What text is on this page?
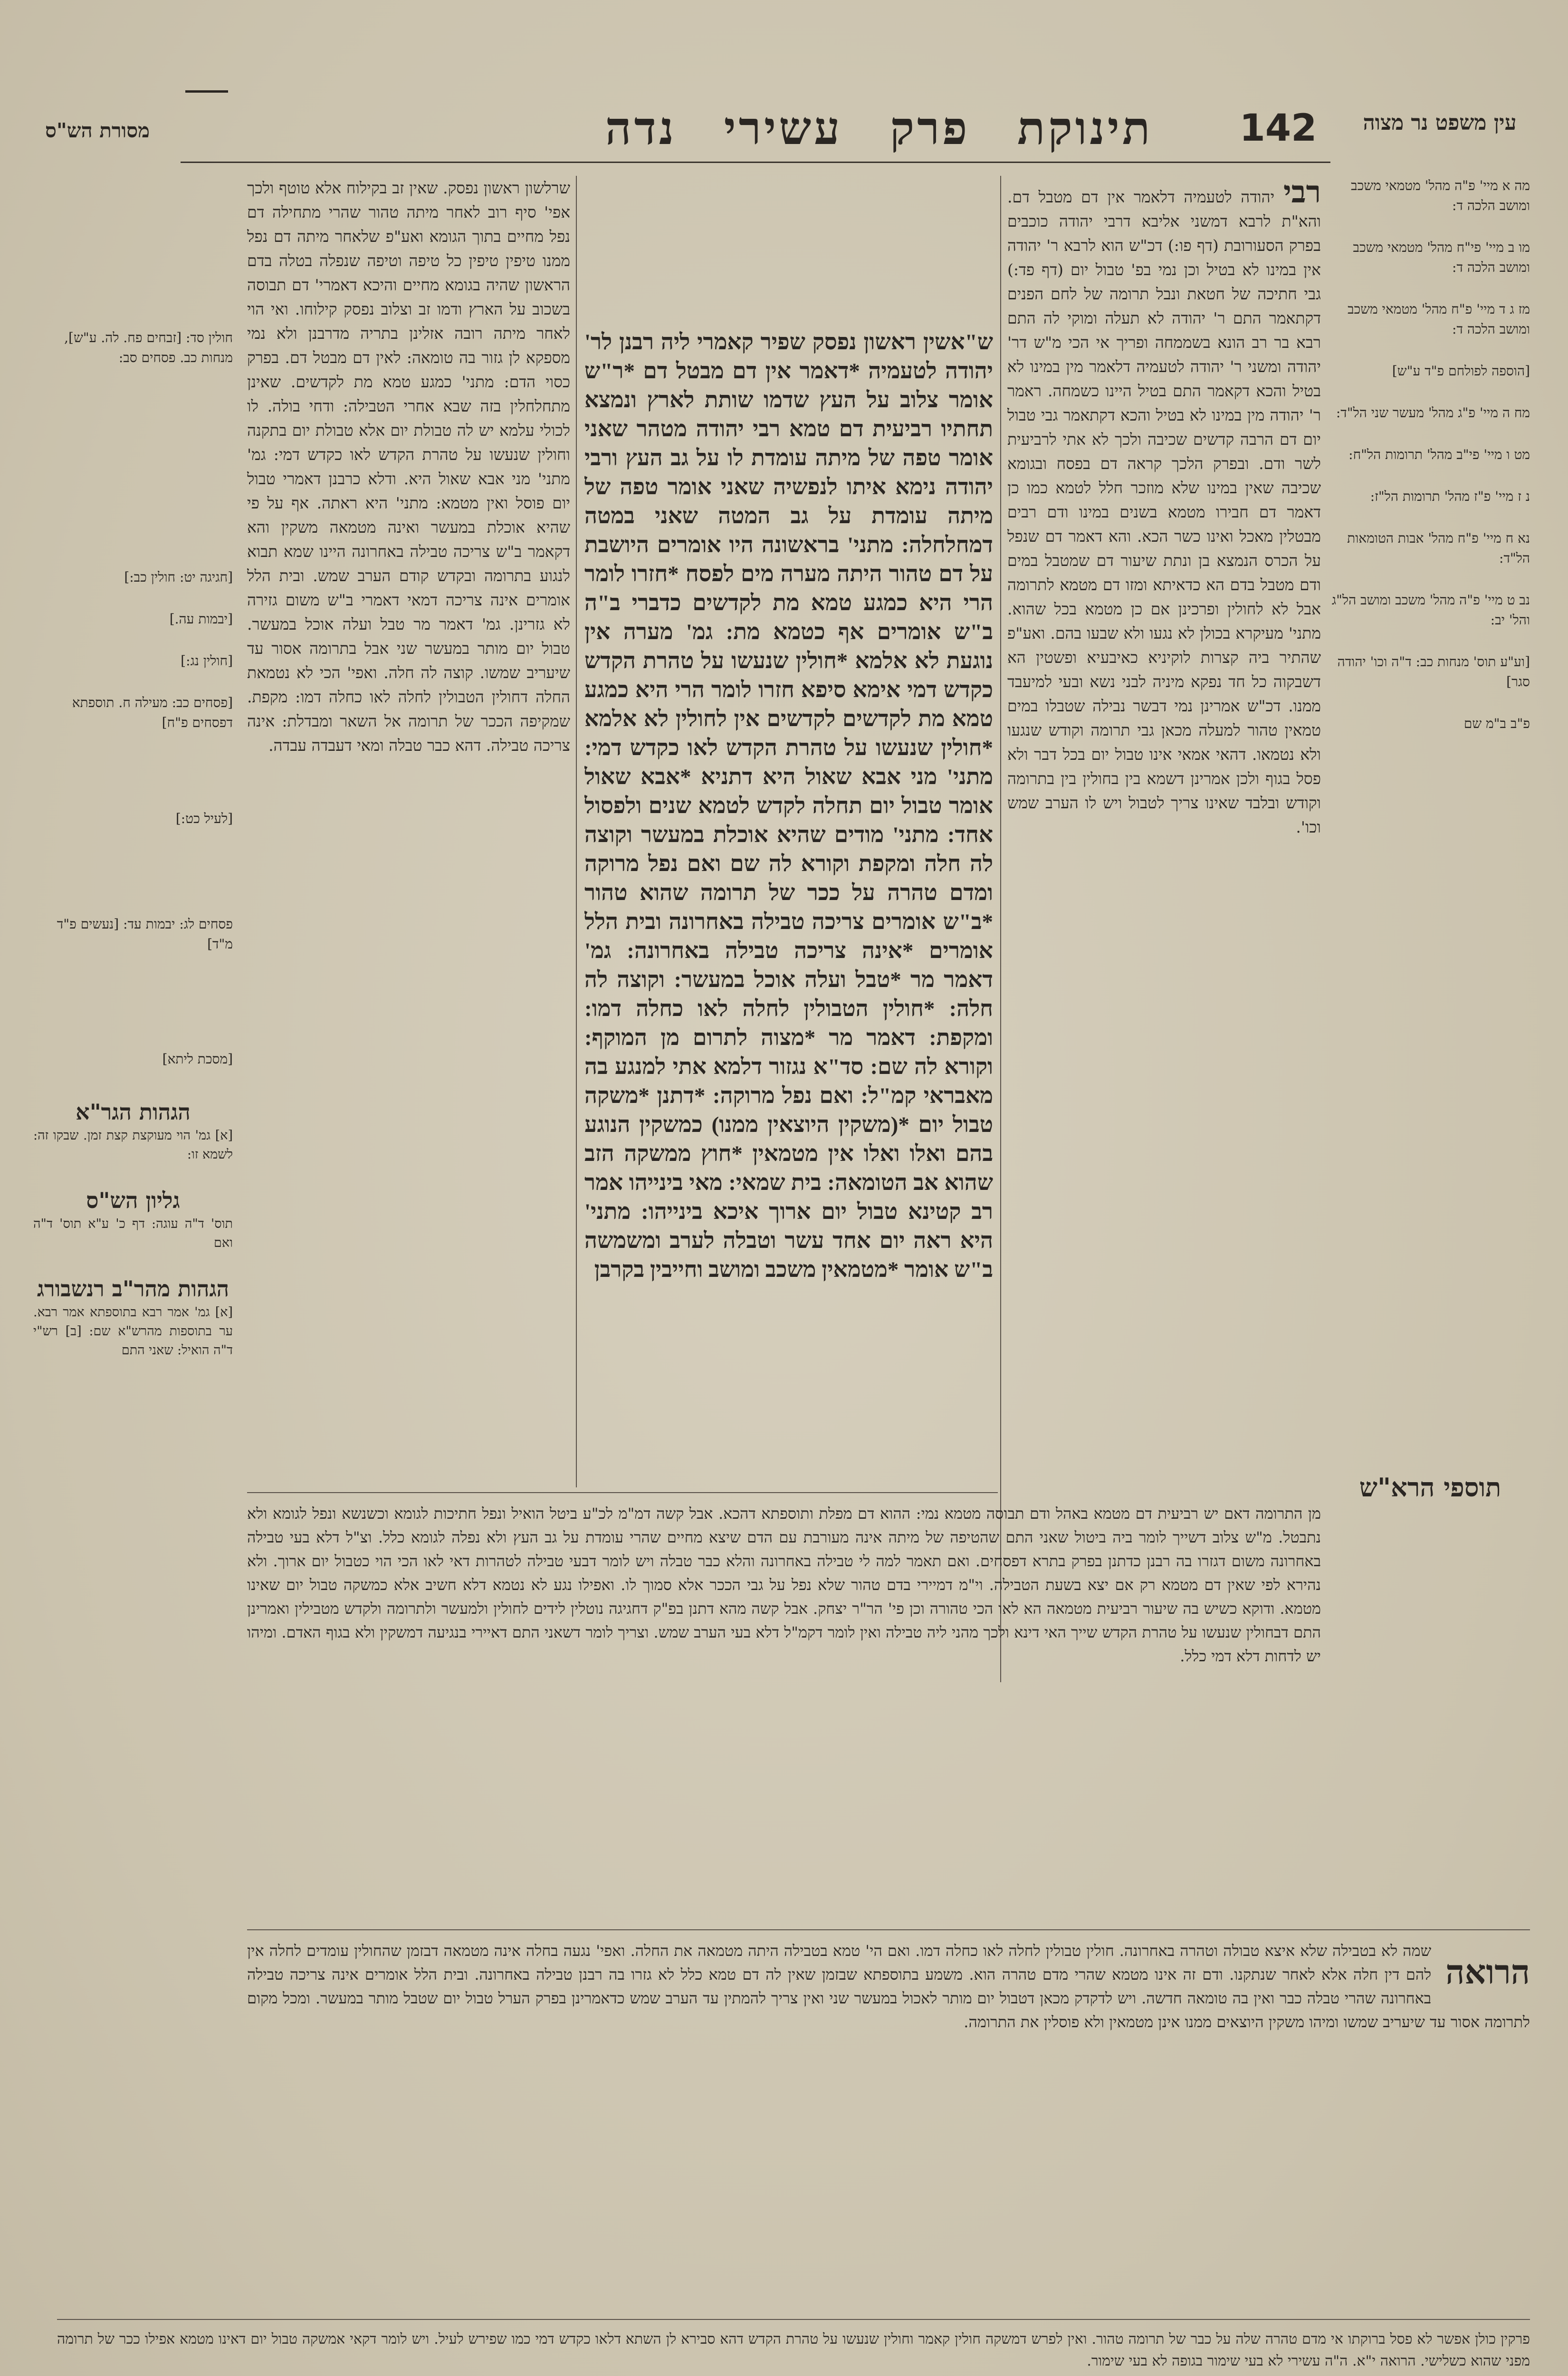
עין משפט נר מצוה
142
תינוקת פרק עשירי נדה
מסורת הש"ס
מה א מיי' פ"ה מהל' מטמאי משכב ומושב הלכה ד:
מו ב מיי' פי"ח מהל' מטמאי משכב ומושב הלכה ד:
מז ג ד מיי' פ"ח מהל' מטמאי משכב ומושב הלכה ד:
[הוספה לפולחם פ"ד ע"ש]
מח ה מיי' פ"ג מהל' מעשר שני הל"ד:
מט ו מיי' פי"ב מהל' תרומות הל"ח:
נ ז מיי' פ"ז מהל' תרומות הל"ז:
נא ח מיי' פ"ח מהל' אבות הטומאות הל"ד:
נב ט מיי' פ"ה מהל' משכב ומושב הל"ג והל' יב:
[וע"ע תוס' מנחות כב: ד"ה וכו' יהודה סגר]
פ"ב ב"מ שם
רבי יהודה לטעמיה דלאמר אין דם מטבל דם. והא"ת לרבא דמשני אליבא דרבי יהודה כוכבים בפרק הסעורובת (דף פו:) דכ"ש הוא לרבא ר' יהודה אין במינו לא בטיל וכן נמי בפ' טבול יום (דף פד:) גבי חתיכה של חטאת ונבל תרומה של לחם הפנים דקתאמר התם ר' יהודה לא תעלה ומוקי לה התם רבא בר רב הונא בשממחה ופריך אי הכי מ"ש דר' יהודה ומשני ר' יהודה לטעמיה דלאמר מין במינו לא בטיל והכא דקאמר התם בטיל היינו כשמחה. ראמר ר' יהודה מין במינו לא בטיל והכא דקתאמר גבי טבול יום דם הרבה קדשים שכיבה ולכך לא אתי לרביעית לשר ודם. ובפרק הלכך קראה דם בפסח ובגומא שכיבה שאין במינו שלא מוזכר חלל לטמא כמו כן דאמר דם חבירו מטמא בשנים במינו ודם רבים מבטלין מאכל ואינו כשר הכא. והא דאמר דם שנפל על הכרס הנמצא בן ונתת שיעור דם שמטבל במים ודם מטבל בדם הא כדאיתא ומזו דם מטמא לתרומה אבל לא לחולין ופרכינן אם כן מטמא בכל שהוא. מתני' מעיקרא בכולן לא נגעו ולא שבעו בהם. ואע"פ שהתיר ביה קצרות לוקיניא כאיבעיא ופשטין הא דשבקוה כל חד נפקא מיניה לבני נשא ובעי למיעבד ממנו. דכ"ש אמרינן נמי דבשר נבילה שטבלו במים טמאין טהור למעלה מכאן גבי תרומה וקודש שנגעו ולא נטמאו. דהאי אמאי אינו טבול יום בכל דבר ולא פסל בגוף ולכן אמרינן דשמא בין בחולין בין בתרומה וקודש ובלבד שאינו צריך לטבול ויש לו הערב שמש וכו'.
ש"אשין ראשון נפסק שפיר קאמרי ליה רבנן לר' יהודה לטעמיה *דאמר אין דם מבטל דם *ר"ש אומר צלוב על העץ שדמו שותת לארץ ונמצא תחתיו רביעית דם טמא רבי יהודה מטהר שאני אומר טפה של מיתה עומדת לו על גב העץ ורבי יהודה נימא איתו לנפשיה שאני אומר טפה של מיתה עומדת על גב המטה שאני במטה דמחלחלה: מתני' בראשונה היו אומרים היושבת על דם טהור היתה מערה מים לפסח *חזרו לומר הרי היא כמגע טמא מת לקדשים כדברי ב"ה ב"ש אומרים אף כטמא מת: גמ' מערה אין נוגעת לא אלמא *חולין שנעשו על טהרת הקדש כקדש דמי אימא סיפא חזרו לומר הרי היא כמגע טמא מת לקדשים לקדשים אין לחולין לא אלמא *חולין שנעשו על טהרת הקדש לאו כקדש דמי: מתני' מני אבא שאול היא דתניא *אבא שאול אומר טבול יום תחלה לקדש לטמא שנים ולפסול אחד: מתני' מודים שהיא אוכלת במעשר וקוצה לה חלה ומקפת וקורא לה שם ואם נפל מרוקה ומדם טהרה על ככר של תרומה שהוא טהור *ב"ש אומרים צריכה טבילה באחרונה ובית הלל אומרים *אינה צריכה טבילה באחרונה: גמ' דאמר מר *טבל ועלה אוכל במעשר: וקוצה לה חלה: *חולין הטבולין לחלה לאו כחלה דמו: ומקפת: דאמר מר *מצוה לתרום מן המוקף: וקורא לה שם: סד"א נגזור דלמא אתי למנגע בה מאבראי קמ"ל: ואם נפל מרוקה: *דתנן *משקה טבול יום *(משקין היוצאין ממנו) כמשקין הנוגע בהם ואלו ואלו אין מטמאין *חוץ ממשקה הזב שהוא אב הטומאה: בית שמאי: מאי בינייהו אמר רב קטינא טבול יום ארוך איכא בינייהו: מתני' היא ראה יום אחד עשר וטבלה לערב ומשמשה ב"ש אומר *מטמאין משכב ומושב וחייבין בקרבן
שרלשון ראשון נפסק. שאין זב בקילוח אלא טוטף ולכך אפי' סיף רוב לאחר מיתה טהור שהרי מתחילה דם נפל מחיים בתוך הגומא ואע"פ שלאחר מיתה דם נפל ממנו טיפין טיפין כל טיפה וטיפה שנפלה בטלה בדם הראשון שהיה בגומא מחיים והיכא דאמרי' דם תבוסה בשכוב על הארץ ודמו זב וצלוב נפסק קילוחו. ואי הוי לאחר מיתה רובה אזלינן בתריה מדרבנן ולא נמי מספקא לן גזור בה טומאה: לאין דם מבטל דם. בפרק כסוי הדם: מתני' כמגע טמא מת לקדשים. שאינן מתחלחלין בזה שבא אחרי הטבילה: ודחי בולה. לו לכולי עלמא יש לה טבולת יום אלא טבולת יום בתקנה וחולין שנעשו על טהרת הקדש לאו כקדש דמי: גמ' מתני' מני אבא שאול היא. ודלא כרבנן דאמרי טבול יום פוסל ואין מטמא: מתני' היא ראתה. אף על פי שהיא אוכלת במעשר ואינה מטמאה משקין והא דקאמר ב"ש צריכה טבילה באחרונה היינו שמא תבוא לנגוע בתרומה ובקדש קודם הערב שמש. ובית הלל אומרים אינה צריכה דמאי דאמרי ב"ש משום גזירה לא גזרינן. גמ' דאמר מר טבל ועלה אוכל במעשר. טבול יום מותר במעשר שני אבל בתרומה אסור עד שיעריב שמשו. קוצה לה חלה. ואפי' הכי לא נטמאת החלה דחולין הטבולין לחלה לאו כחלה דמו: מקפת. שמקיפה הככר של תרומה אל השאר ומבדלת: אינה צריכה טבילה. דהא כבר טבלה ומאי דעבדה עבדה.
חולין סד: [זבחים פח. לה. ע"ש], מנחות כב. פסחים סב:
[חגיגה יט: חולין כב:]
[יבמות עה.]
[חולין נג:]
[פסחים כב: מעילה ח. תוספתא דפסחים פ"ח]
[לעיל כט:]
פסחים לג: יבמות עד: [נעשים פ"ד מ"ד]
[מסכת ליתא]
הגהות הגר"א
[א] גמ' הוי מעוקצת קצת זמן. שבקו זה: לשמא זו:
גליון הש"ס
תוס' ד"ה עוגה: דף כ' ע"א תוס' ד"ה ואם
הגהות מהר"ב רנשבורג
[א] גמ' אמר רבא בתוספתא אמר רבא. ער בתוספות מהרש"א שם: [ב] רש"י ד"ה הואיל: שאני התם
תוספי הרא"ש
מן התרומה דאם יש רביעית דם מטמא באהל ודם תבוסה מטמא נמי: ההוא דם מפלת ותוספתא דהכא. אבל קשה דמ"מ לכ"ע ביטל הואיל ונפל חתיכות לגומא וכשנשא ונפל לגומא ולא נתבטל. מ"ש צלוב דשייך לומר ביה ביטול שאני התם שהטיפה של מיתה אינה מעורבת עם הדם שיצא מחיים שהרי עומדת על גב העץ ולא נפלה לגומא כלל. וצ"ל דלא בעי טבילה באחרונה משום דגזרו בה רבנן כדתנן בפרק בתרא דפסחים. ואם תאמר למה לי טבילה באחרונה והלא כבר טבלה ויש לומר דבעי טבילה לטהרות דאי לאו הכי הוי כטבול יום ארוך. ולא נהירא לפי שאין דם מטמא רק אם יצא בשעת הטבילה. וי"מ דמיירי בדם טהור שלא נפל על גבי הככר אלא סמוך לו. ואפילו נגע לא נטמא דלא חשיב אלא כמשקה טבול יום שאינו מטמא. ודוקא כשיש בה שיעור רביעית מטמאה הא לאו הכי טהורה וכן פי' הר"ר יצחק. אבל קשה מהא דתנן בפ"ק דחגיגה נוטלין לידים לחולין ולמעשר ולתרומה ולקדש מטבילין ואמרינן התם דבחולין שנעשו על טהרת הקדש שייך האי דינא ולכך מהני ליה טבילה ואין לומר דקמ"ל דלא בעי הערב שמש. וצריך לומר דשאני התם דאיירי בנגיעה דמשקין ולא בגוף האדם. ומיהו יש לדחות דלא דמי כלל.
הרואה
שמה לא בטבילה שלא איצא טבולה וטהרה באחרונה. חולין טבולין לחלה לאו כחלה דמו. ואם הי' טמא בטבילה היתה מטמאה את החלה. ואפי' נגעה בחלה אינה מטמאה דבזמן שהחולין עומדים לחלה אין להם דין חלה אלא לאחר שנתקנו. ודם זה אינו מטמא שהרי מדם טהרה הוא. משמע בתוספתא שבזמן שאין לה דם טמא כלל לא גזרו בה רבנן טבילה באחרונה. ובית הלל אומרים אינה צריכה טבילה באחרונה שהרי טבלה כבר ואין בה טומאה חדשה. ויש לדקדק מכאן דטבול יום מותר לאכול במעשר שני ואין צריך להמתין עד הערב שמש כדאמרינן בפרק הערל טבול יום שטבל מותר במעשר. ומכל מקום לתרומה אסור עד שיעריב שמשו ומיהו משקין היוצאים ממנו אינן מטמאין ולא פוסלין את התרומה.
פרקין כולן אפשר לא פסל ברוקתו אי מדם טהרה שלה על כבר של תרומה טהור. ואין לפרש דמשקה חולין קאמר וחולין שנעשו על טהרת הקדש דהא סבירא לן השתא דלאו כקדש דמי כמו שפירש לעיל. ויש לומר דקאי אמשקה טבול יום דאינו מטמא אפילו ככר של תרומה מפני שהוא כשלישי. הרואה י"א. ה"ה עשירי לא בעי שימור בגופה לא בעי שימור.
